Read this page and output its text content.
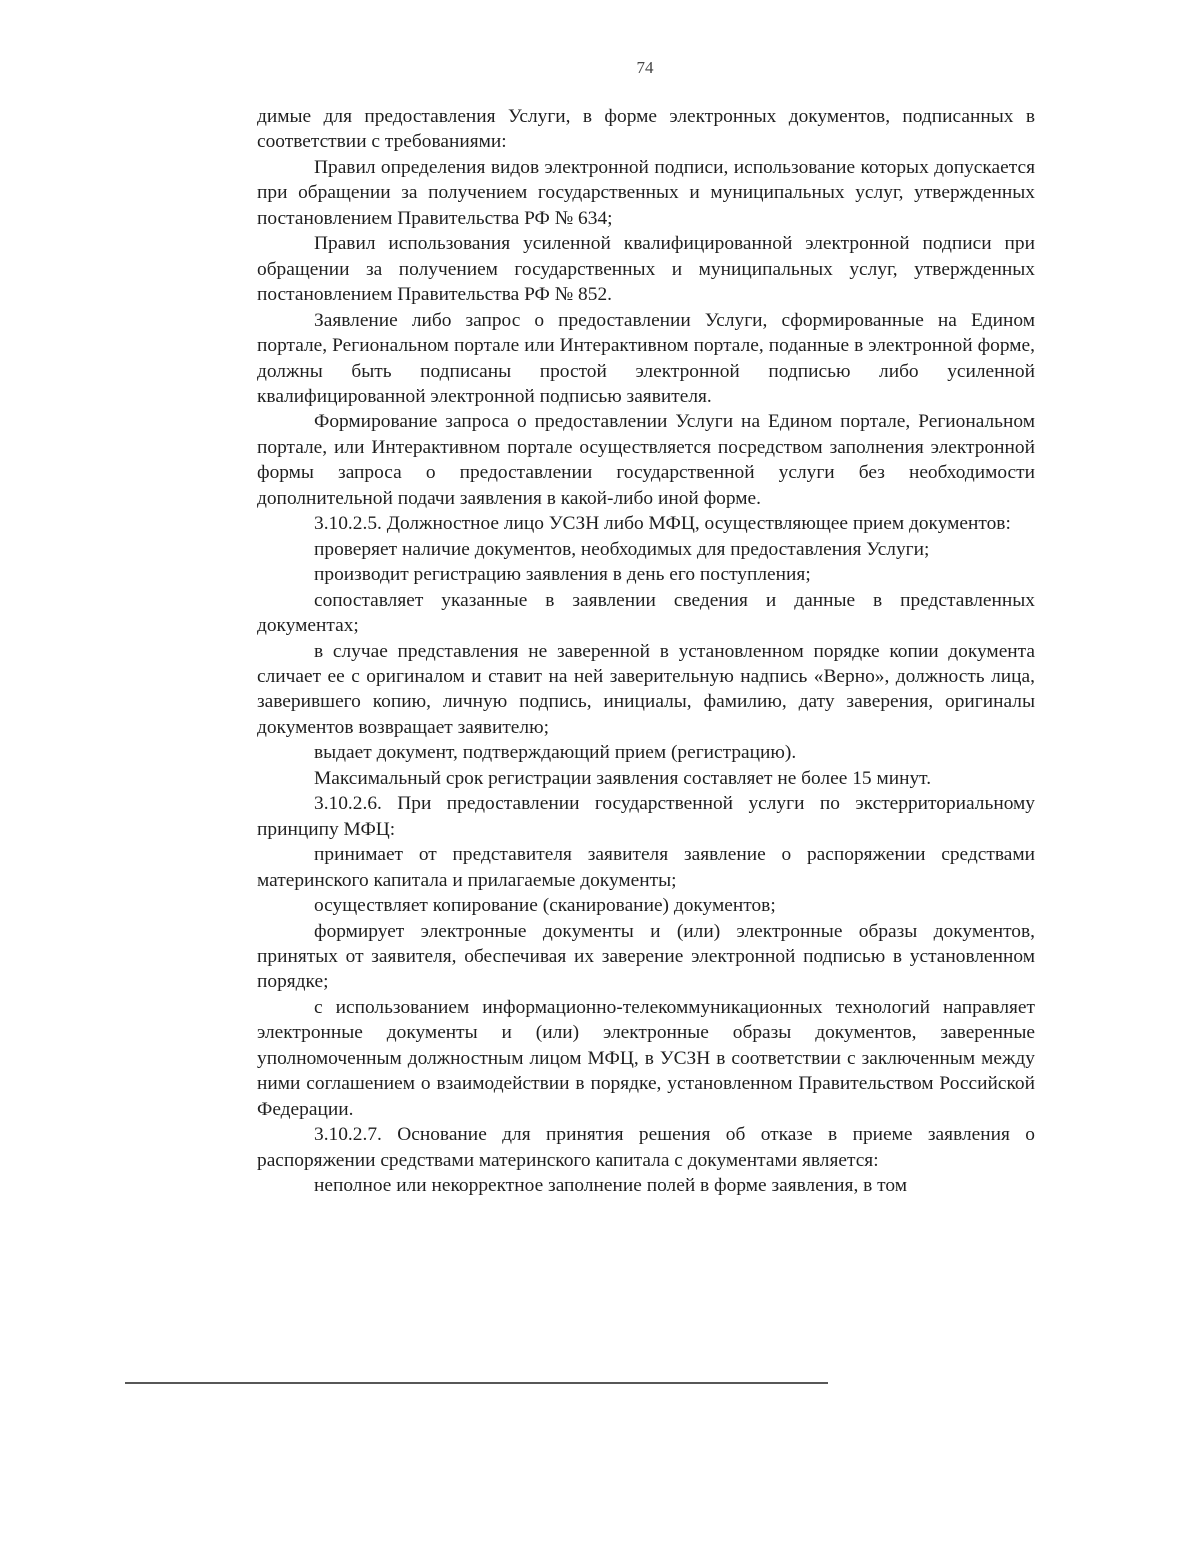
74

димые для предоставления Услуги, в форме электронных документов, подписанных в соответствии с требованиями:

Правил определения видов электронной подписи, использование которых допускается при обращении за получением государственных и муниципальных услуг, утвержденных постановлением Правительства РФ № 634;

Правил использования усиленной квалифицированной электронной подписи при обращении за получением государственных и муниципальных услуг, утвержденных постановлением Правительства РФ № 852.

Заявление либо запрос о предоставлении Услуги, сформированные на Едином портале, Региональном портале или Интерактивном портале, поданные в электронной форме, должны быть подписаны простой электронной подписью либо усиленной квалифицированной электронной подписью заявителя.

Формирование запроса о предоставлении Услуги на Едином портале, Региональном портале, или Интерактивном портале осуществляется посредством заполнения электронной формы запроса о предоставлении государственной услуги без необходимости дополнительной подачи заявления в какой-либо иной форме.

3.10.2.5. Должностное лицо УСЗН либо МФЦ, осуществляющее прием документов:

проверяет наличие документов, необходимых для предоставления Услуги;

производит регистрацию заявления в день его поступления;

сопоставляет указанные в заявлении сведения и данные в представленных документах;

в случае представления не заверенной в установленном порядке копии документа сличает ее с оригиналом и ставит на ней заверительную надпись «Верно», должность лица, заверившего копию, личную подпись, инициалы, фамилию, дату заверения, оригиналы документов возвращает заявителю;

выдает документ, подтверждающий прием (регистрацию).

Максимальный срок регистрации заявления составляет не более 15 минут.

3.10.2.6. При предоставлении государственной услуги по экстерриториальному принципу МФЦ:

принимает от представителя заявителя заявление о распоряжении средствами материнского капитала и прилагаемые документы;

осуществляет копирование (сканирование) документов;

формирует электронные документы и (или) электронные образы документов, принятых от заявителя, обеспечивая их заверение электронной подписью в установленном порядке;

с использованием информационно-телекоммуникационных технологий направляет электронные документы и (или) электронные образы документов, заверенные уполномоченным должностным лицом МФЦ, в УСЗН в соответствии с заключенным между ними соглашением о взаимодействии в порядке, установленном Правительством Российской Федерации.

3.10.2.7. Основание для принятия решения об отказе в приеме заявления о распоряжении средствами материнского капитала с документами является:

неполное или некорректное заполнение полей в форме заявления, в том
